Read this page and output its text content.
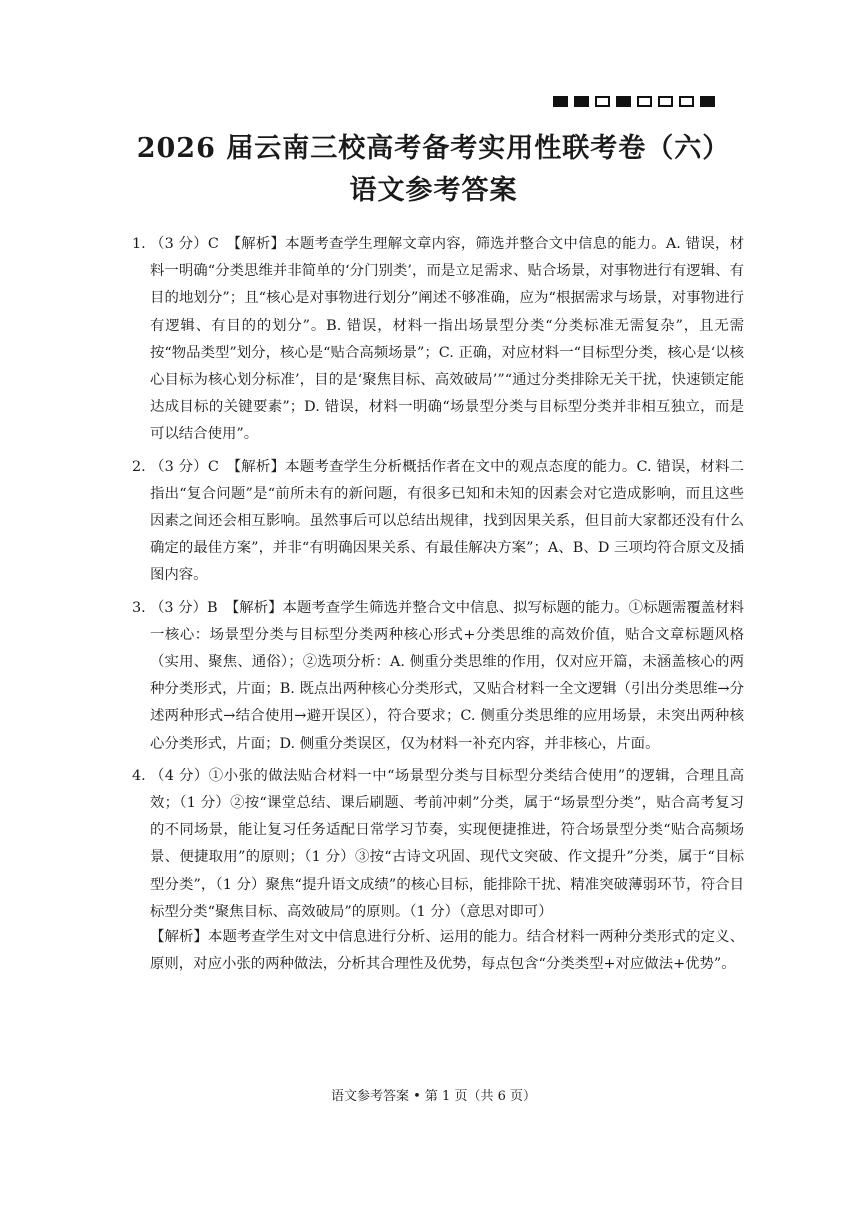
2026 届云南三校高考备考实用性联考卷（六）
语文参考答案
1. （3 分）C　【解析】本题考查学生理解文章内容，筛选并整合文中信息的能力。A. 错误，材料一明确“分类思维并非简单的‘分门别类’，而是立足需求、贴合场景，对事物进行有逻辑、有目的地划分”；且“核心是对事物进行划分”阐述不够准确，应为“根据需求与场景，对事物进行有逻辑、有目的的划分”。B. 错误，材料一指出场景型分类“分类标准无需复杂”，且无需按“物品类型”划分，核心是“贴合高频场景”；C. 正确，对应材料一“目标型分类，核心是‘以核心目标为核心划分标准’，目的是‘聚焦目标、高效破局’”“通过分类排除无关干扰，快速锁定能达成目标的关键要素”；D. 错误，材料一明确“场景型分类与目标型分类并非相互独立，而是可以结合使用”。
2. （3 分）C　【解析】本题考查学生分析概括作者在文中的观点态度的能力。C. 错误，材料二指出“复合问题”是“前所未有的新问题，有很多已知和未知的因素会对它造成影响，而且这些因素之间还会相互影响。虽然事后可以总结出规律，找到因果关系，但目前大家都还没有什么确定的最佳方案”，并非“有明确因果关系、有最佳解决方案”；A、B、D 三项均符合原文及插图内容。
3. （3 分）B　【解析】本题考查学生筛选并整合文中信息、拟写标题的能力。①标题需覆盖材料一核心：场景型分类与目标型分类两种核心形式+分类思维的高效价值，贴合文章标题风格（实用、聚焦、通俗）；②选项分析：A. 侧重分类思维的作用，仅对应开篇，未涵盖核心的两种分类形式，片面；B. 既点出两种核心分类形式，又贴合材料一全文逻辑（引出分类思维→分述两种形式→结合使用→避开误区），符合要求；C. 侧重分类思维的应用场景，未突出两种核心分类形式，片面；D. 侧重分类误区，仅为材料一补充内容，并非核心，片面。
4. （4 分）①小张的做法贴合材料一中“场景型分类与目标型分类结合使用”的逻辑，合理且高效；（1 分）②按“课堂总结、课后刷题、考前冲刺”分类，属于“场景型分类”，贴合高考复习的不同场景，能让复习任务适配日常学习节奏，实现便捷推进，符合场景型分类“贴合高频场景、便捷取用”的原则；（1 分）③按“古诗文巩固、现代文突破、作文提升”分类，属于“目标型分类”，（1 分）聚焦“提升语文成绩”的核心目标，能排除干扰、精准突破薄弱环节，符合目标型分类“聚焦目标、高效破局”的原则。（1 分）（意思对即可）
【解析】本题考查学生对文中信息进行分析、运用的能力。结合材料一两种分类形式的定义、原则，对应小张的两种做法，分析其合理性及优势，每点包含“分类类型+对应做法+优势”。
语文参考答案 • 第 1 页（共 6 页）
